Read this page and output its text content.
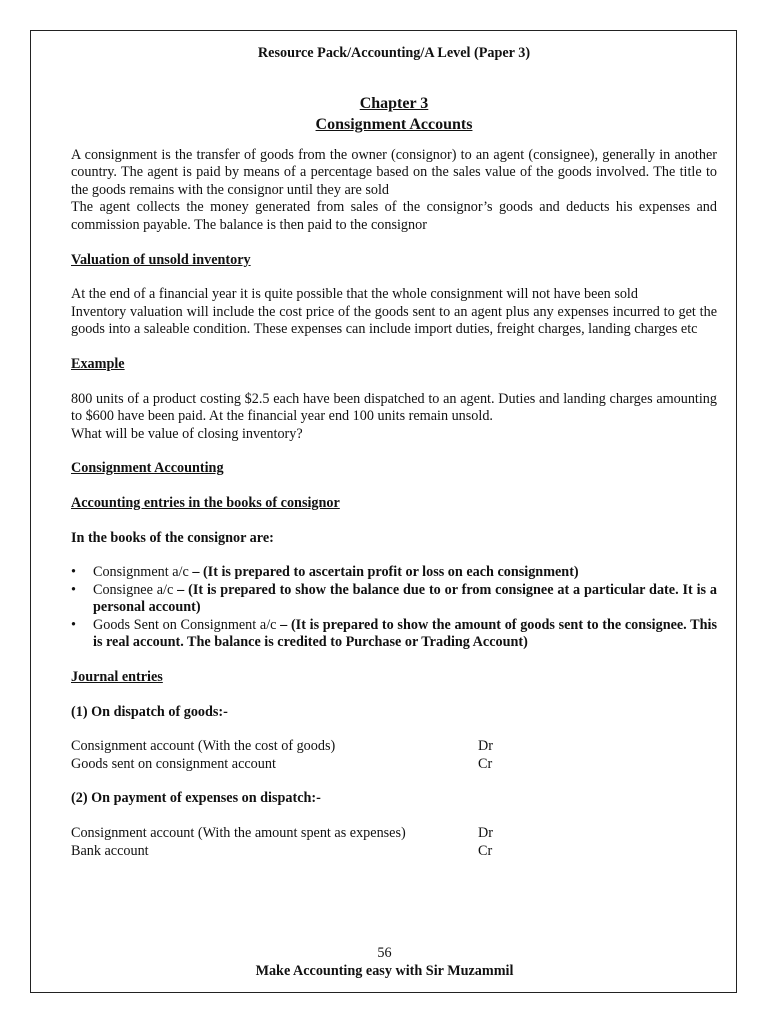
Resource Pack/Accounting/A Level (Paper 3)
Chapter 3
Consignment Accounts

A consignment is the transfer of goods from the owner (consignor) to an agent (consignee), generally in another country. The agent is paid by means of a percentage based on the sales value of the goods involved. The title to the goods remains with the consignor until they are sold

The agent collects the money generated from sales of the consignor’s goods and deducts his expenses and commission payable. The balance is then paid to the consignor

Valuation of unsold inventory

At the end of a financial year it is quite possible that the whole consignment will not have been sold

Inventory valuation will include the cost price of the goods sent to an agent plus any expenses incurred to get the goods into a saleable condition. These expenses can include import duties, freight charges, landing charges etc

Example

800 units of a product costing $2.5 each have been dispatched to an agent. Duties and landing charges amounting to $600 have been paid. At the financial year end 100 units remain unsold.

What will be value of closing inventory?

Consignment Accounting
Accounting entries in the books of consignor
In the books of the consignor are:
• Consignment a/c – (It is prepared to ascertain profit or loss on each consignment)
• Consignee a/c – (It is prepared to show the balance due to or from consignee at a particular date. It is a personal account)
• Goods Sent on Consignment a/c – (It is prepared to show the amount of goods sent to the consignee. This is real account. The balance is credited to Purchase or Trading Account)
Journal entries
(1) On dispatch of goods:-
Consignment account (With the cost of goods)	Dr
Goods sent on consignment account	Cr
(2) On payment of expenses on dispatch:-
Consignment account (With the amount spent as expenses)	Dr
Bank account	Cr
56
Make Accounting easy with Sir Muzammil
